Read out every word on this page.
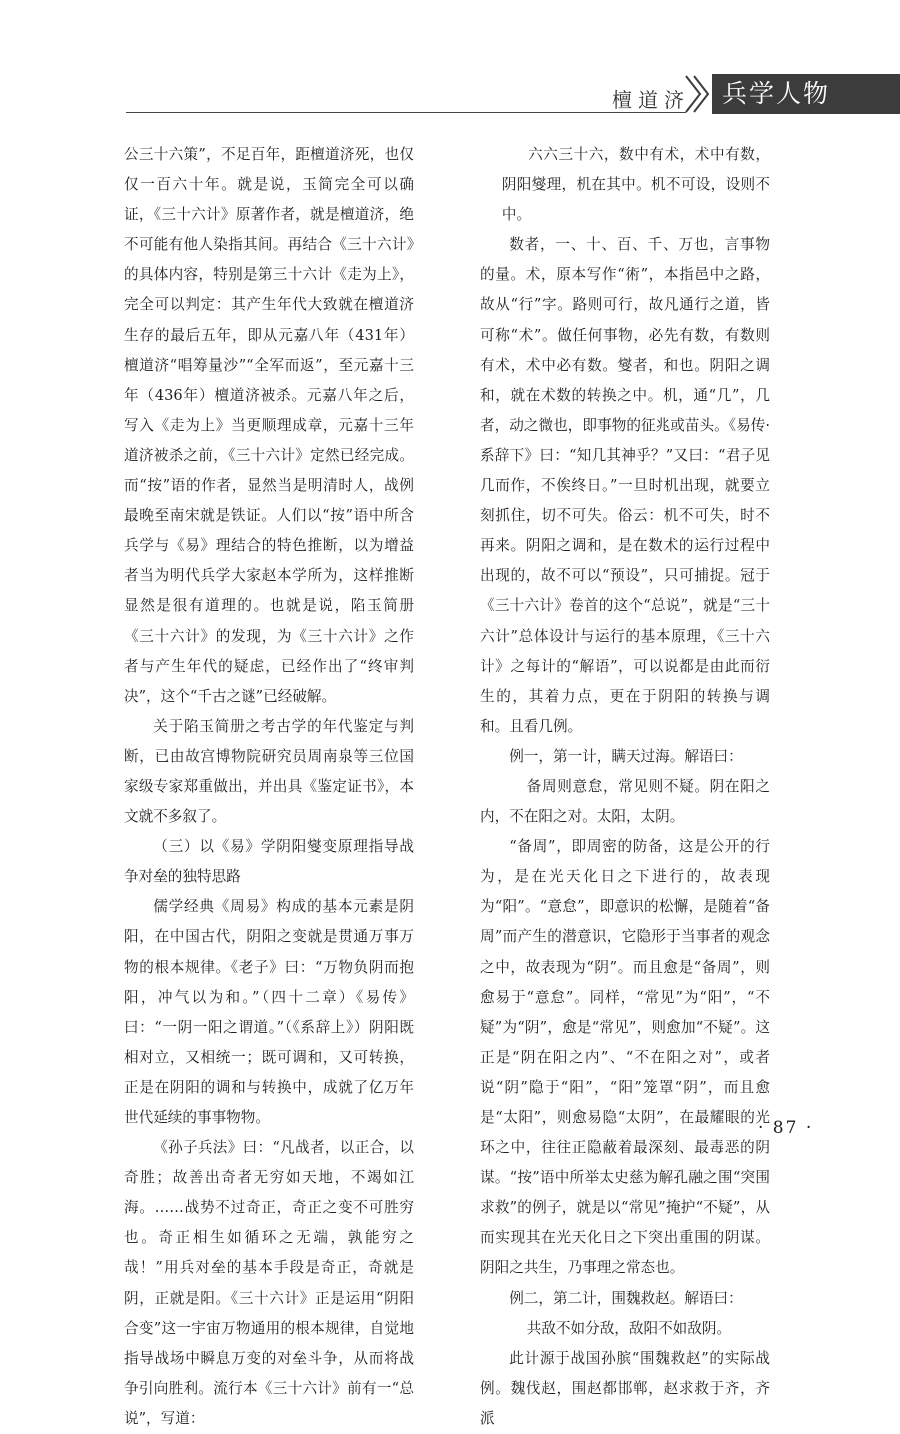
檀道济	兵学人物

公三十六策”，不足百年，距檀道济死，也仅仅一百六十年。就是说，玉简完全可以确证，《三十六计》原著作者，就是檀道济，绝不可能有他人染指其间。再结合《三十六计》的具体内容，特别是第三十六计《走为上》，完全可以判定：其产生年代大致就在檀道济生存的最后五年，即从元嘉八年（431年）檀道济“唱筹量沙”“全军而返”，至元嘉十三年（436年）檀道济被杀。元嘉八年之后，写入《走为上》当更顺理成章，元嘉十三年道济被杀之前，《三十六计》定然已经完成。而“按”语的作者，显然当是明清时人，战例最晚至南宋就是铁证。人们以“按”语中所含兵学与《易》理结合的特色推断，以为增益者当为明代兵学大家赵本学所为，这样推断显然是很有道理的。也就是说，陷玉简册《三十六计》的发现，为《三十六计》之作者与产生年代的疑虑，已经作出了“终审判决”，这个“千古之谜”已经破解。

关于陷玉简册之考古学的年代鉴定与判断，已由故宫博物院研究员周南泉等三位国家级专家郑重做出，并出具《鉴定证书》，本文就不多叙了。

（三）以《易》学阴阳燮变原理指导战争对垒的独特思路

儒学经典《周易》构成的基本元素是阴阳，在中国古代，阴阳之变就是贯通万事万物的根本规律。《老子》曰：“万物负阴而抱阳，冲气以为和。”（四十二章）《易传》曰：“一阴一阳之谓道。”（《系辞上》）阴阳既相对立，又相统一；既可调和，又可转换，正是在阴阳的调和与转换中，成就了亿万年世代延续的事事物物。

《孙子兵法》曰：“凡战者，以正合，以奇胜；故善出奇者无穷如天地，不竭如江海。……战势不过奇正，奇正之变不可胜穷也。奇正相生如循环之无端，孰能穷之哉！”用兵对垒的基本手段是奇正，奇就是阴，正就是阳。《三十六计》正是运用“阴阳合变”这一宇宙万物通用的根本规律，自觉地指导战场中瞬息万变的对垒斗争，从而将战争引向胜利。流行本《三十六计》前有一“总说”，写道：

六六三十六，数中有术，术中有数，阴阳燮理，机在其中。机不可设，设则不中。

数者，一、十、百、千、万也，言事物的量。术，原本写作“術”，本指邑中之路，故从“行”字。路则可行，故凡通行之道，皆可称“术”。做任何事物，必先有数，有数则有术，术中必有数。燮者，和也。阴阳之调和，就在术数的转换之中。机，通“几”，几者，动之微也，即事物的征兆或苗头。《易传·系辞下》曰：“知几其神乎？”又曰：“君子见几而作，不俟终日。”一旦时机出现，就要立刻抓住，切不可失。俗云：机不可失，时不再来。阴阳之调和，是在数术的运行过程中出现的，故不可以“预设”，只可捕捉。冠于《三十六计》卷首的这个“总说”，就是“三十六计”总体设计与运行的基本原理，《三十六计》之每计的“解语”，可以说都是由此而衍生的，其着力点，更在于阴阳的转换与调和。且看几例。

例一，第一计，瞒天过海。解语曰：

备周则意怠，常见则不疑。阴在阳之内，不在阳之对。太阳，太阴。

“备周”，即周密的防备，这是公开的行为，是在光天化日之下进行的，故表现为“阳”。“意怠”，即意识的松懈，是随着“备周”而产生的潜意识，它隐形于当事者的观念之中，故表现为“阴”。而且愈是“备周”，则愈易于“意怠”。同样，“常见”为“阳”，“不疑”为“阴”，愈是“常见”，则愈加“不疑”。这正是“阴在阳之内”、“不在阳之对”，或者说“阴”隐于“阳”，“阳”笼罩“阴”，而且愈是“太阳”，则愈易隐“太阴”，在最耀眼的光环之中，往往正隐蔽着最深刻、最毒恶的阴谋。“按”语中所举太史慈为解孔融之围“突围求救”的例子，就是以“常见”掩护“不疑”，从而实现其在光天化日之下突出重围的阴谋。阴阳之共生，乃事理之常态也。

例二，第二计，围魏救赵。解语曰：

共敌不如分敌，敌阳不如敌阴。

此计源于战国孙膑“围魏救赵”的实际战例。魏伐赵，围赵都邯郸，赵求救于齐，齐派

· 87 ·
